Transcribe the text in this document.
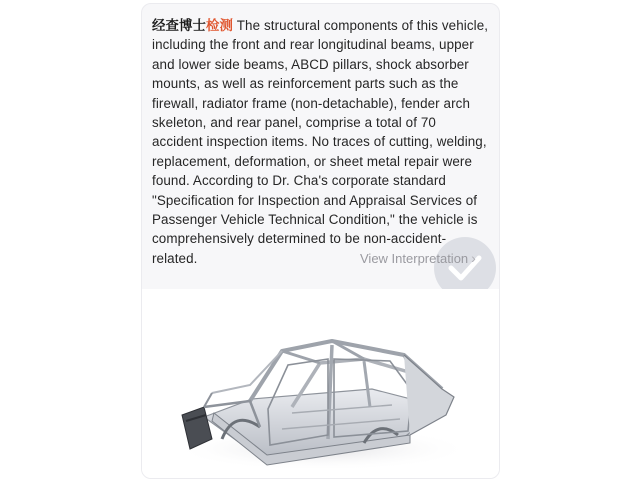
经查博士检测 The structural components of this vehicle, including the front and rear longitudinal beams, upper and lower side beams, ABCD pillars, shock absorber mounts, as well as reinforcement parts such as the firewall, radiator frame (non-detachable), fender arch skeleton, and rear panel, comprise a total of 70 accident inspection items. No traces of cutting, welding, replacement, deformation, or sheet metal repair were found. According to Dr. Cha's corporate standard "Specification for Inspection and Appraisal Services of Passenger Vehicle Technical Condition," the vehicle is comprehensively determined to be non-accident-related.	View Interpretation ›
